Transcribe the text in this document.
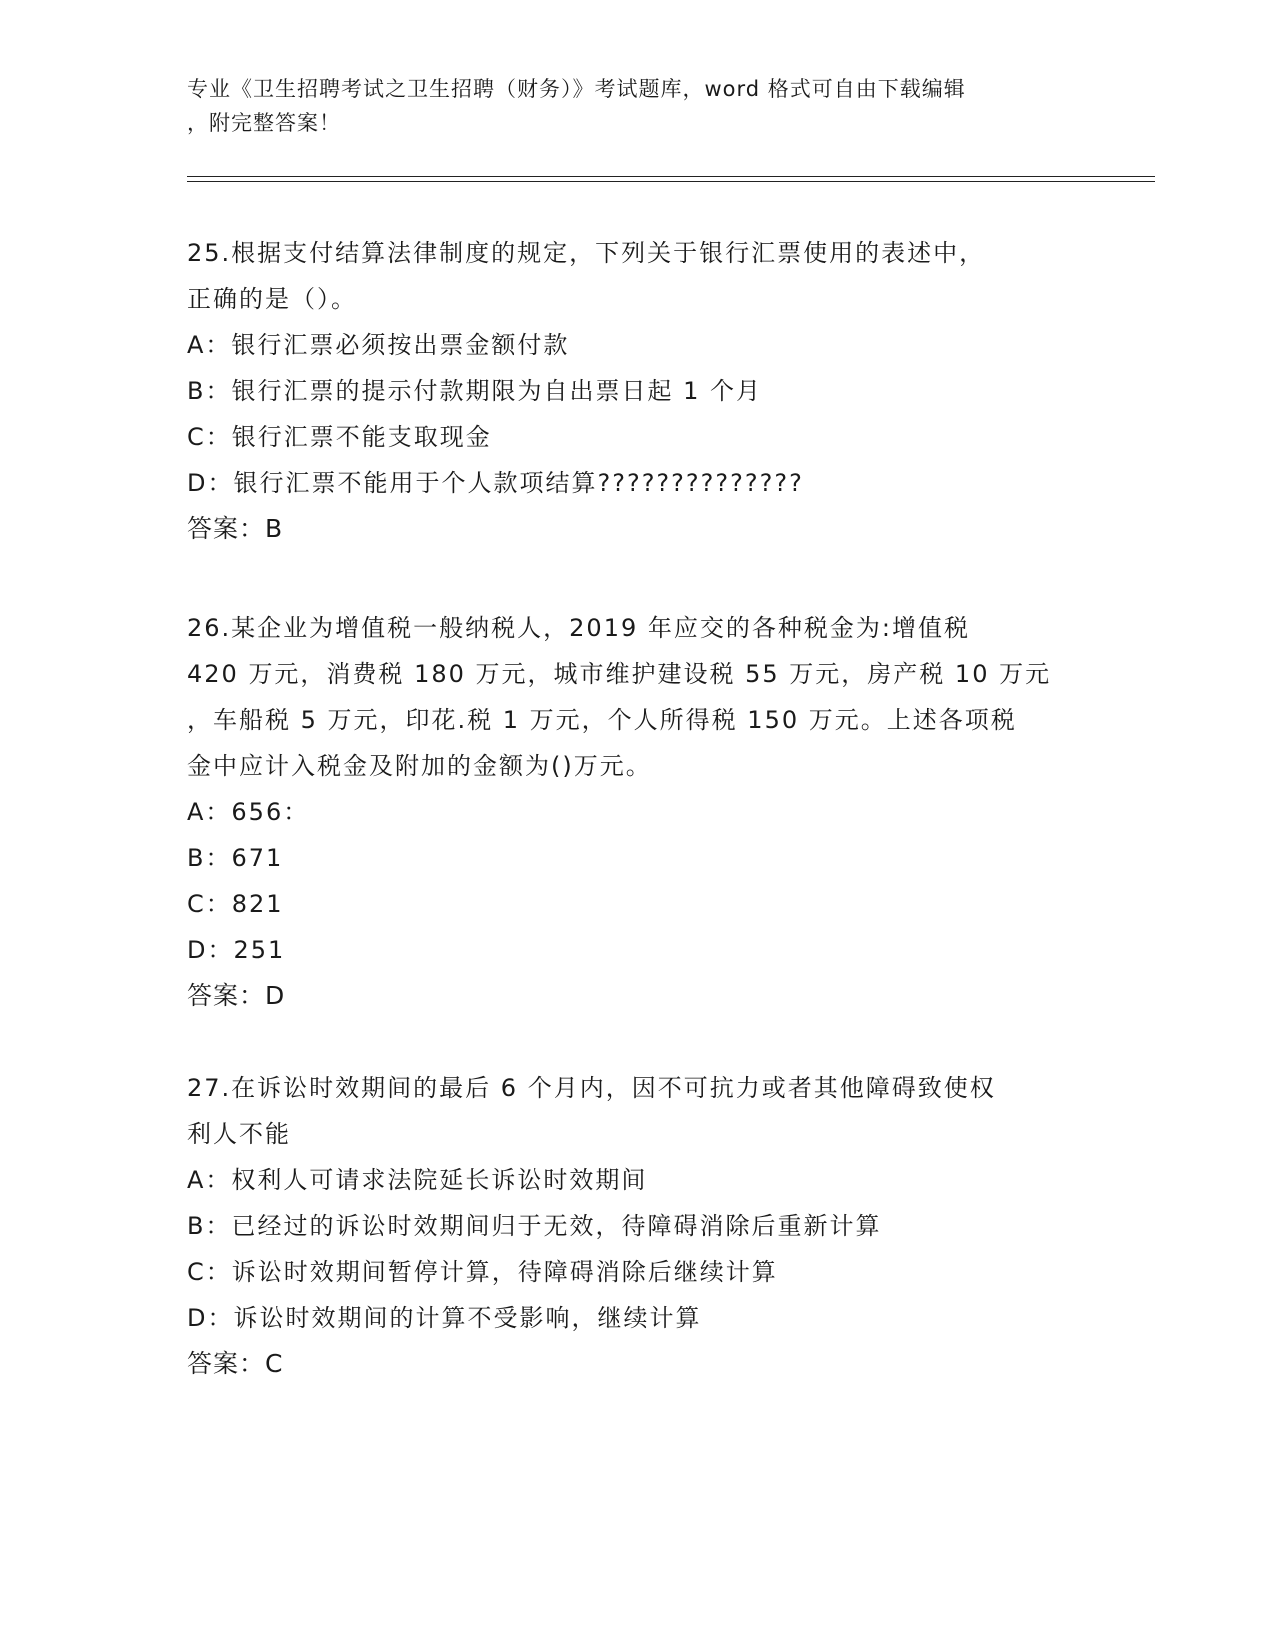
专业《卫生招聘考试之卫生招聘（财务）》考试题库，word 格式可自由下载编辑
，附完整答案！
25.根据支付结算法律制度的规定，下列关于银行汇票使用的表述中，
正确的是（）。
A：银行汇票必须按出票金额付款
B：银行汇票的提示付款期限为自出票日起 1 个月
C：银行汇票不能支取现金
D：银行汇票不能用于个人款项结算??????????????
答案：B
26.某企业为增值税一般纳税人，2019 年应交的各种税金为:增值税
420 万元，消费税 180 万元，城市维护建设税 55 万元，房产税 10 万元
，车船税 5 万元，印花.税 1 万元，个人所得税 150 万元。上述各项税
金中应计入税金及附加的金额为()万元。
A：656：
B：671
C：821
D：251
答案：D
27.在诉讼时效期间的最后 6 个月内，因不可抗力或者其他障碍致使权
利人不能
A：权利人可请求法院延长诉讼时效期间
B：已经过的诉讼时效期间归于无效，待障碍消除后重新计算
C：诉讼时效期间暂停计算，待障碍消除后继续计算
D：诉讼时效期间的计算不受影响，继续计算
答案：C
